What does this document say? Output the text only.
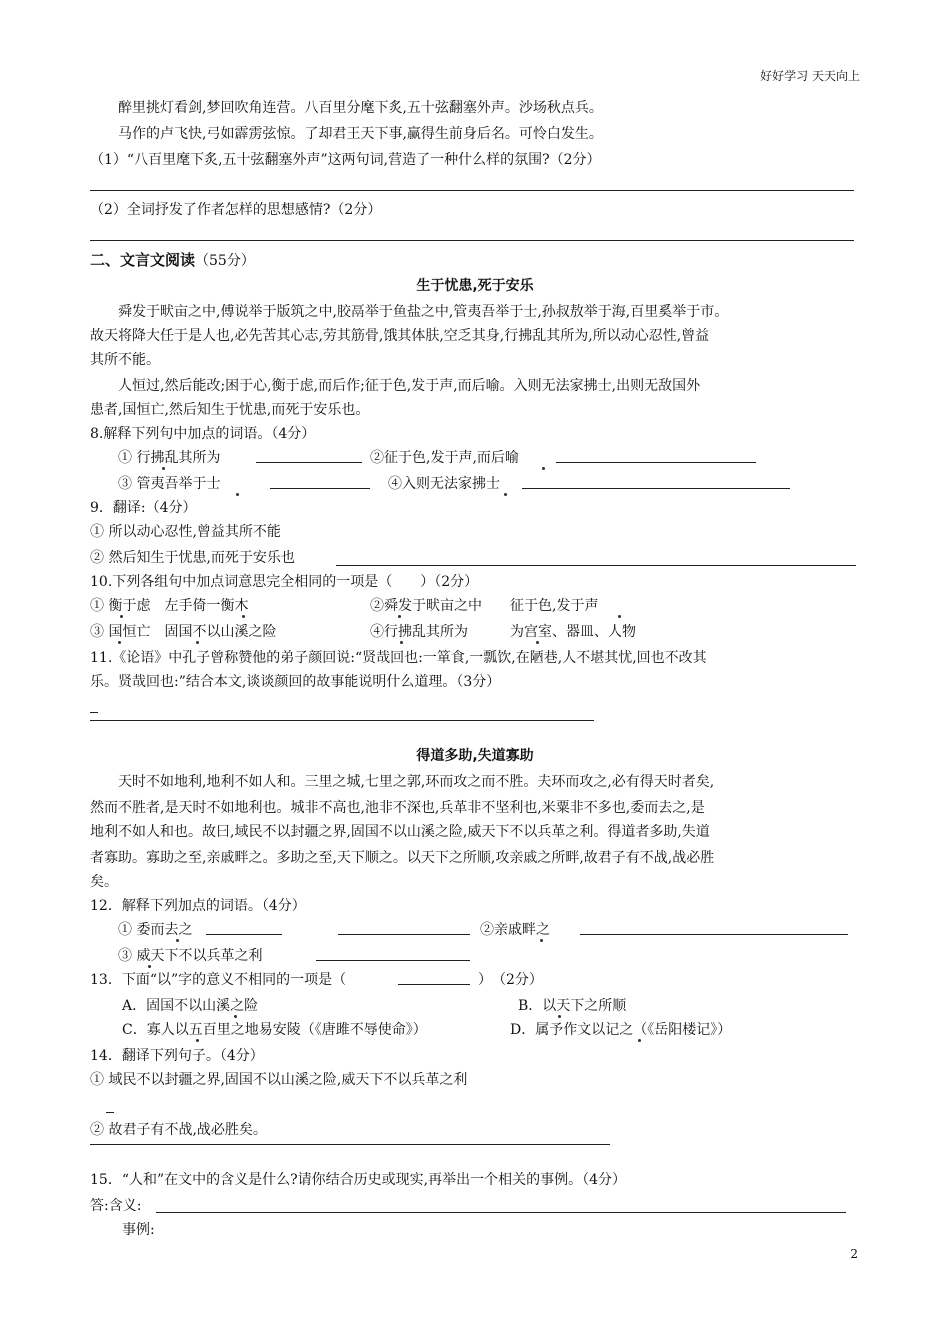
好好学习 天天向上
醉里挑灯看剑,梦回吹角连营。八百里分麾下炙,五十弦翻塞外声。沙场秋点兵。
马作的卢飞快,弓如霹雳弦惊。了却君王天下事,赢得生前身后名。可怜白发生。
（1）“八百里麾下炙,五十弦翻塞外声”这两句词,营造了一种什么样的氛围?（2分）
（2）全词抒发了作者怎样的思想感情?（2分）
二、文言文阅读（55分）
生于忧患,死于安乐
舜发于畎亩之中,傅说举于版筑之中,胶鬲举于鱼盐之中,管夷吾举于士,孙叔敖举于海,百里奚举于市。
故天将降大任于是人也,必先苦其心志,劳其筋骨,饿其体肤,空乏其身,行拂乱其所为,所以动心忍性,曾益
其所不能。
人恒过,然后能改;困于心,衡于虑,而后作;征于色,发于声,而后喻。入则无法家拂士,出则无敌国外
患者,国恒亡,然后知生于忧患,而死于安乐也。
8.解释下列句中加点的词语。（4分）
① 行拂乱其所为	②征于色,发于声,而后喻
③ 管夷吾举于士	④入则无法家拂士
9．翻译:（4分）
① 所以动心忍性,曾益其所不能
② 然后知生于忧患,而死于安乐也
10.下列各组句中加点词意思完全相同的一项是（　　）（2分）
① 衡于虑　左手倚一衡木	②舜发于畎亩之中　　征于色,发于声
③ 国恒亡　固国不以山溪之险	④行拂乱其所为　　　为宫室、器皿、人物
11.《论语》中孔子曾称赞他的弟子颜回说:“贤哉回也:一箪食,一瓢饮,在陋巷,人不堪其忧,回也不改其
乐。贤哉回也:”结合本文,谈谈颜回的故事能说明什么道理。（3分）
得道多助,失道寡助
天时不如地利,地利不如人和。三里之城,七里之郭,环而攻之而不胜。夫环而攻之,必有得天时者矣,
然而不胜者,是天时不如地利也。城非不高也,池非不深也,兵革非不坚利也,米粟非不多也,委而去之,是
地利不如人和也。故曰,域民不以封疆之界,固国不以山溪之险,威天下不以兵革之利。得道者多助,失道
者寡助。寡助之至,亲戚畔之。多助之至,天下顺之。以天下之所顺,攻亲戚之所畔,故君子有不战,战必胜
矣。
12．解释下列加点的词语。（4分）
① 委而去之	②亲戚畔之
③ 威天下不以兵革之利
13．下面“以”字的意义不相同的一项是（	）　（2分）
A．固国不以山溪之险	B．以天下之所顺
C．寡人以五百里之地易安陵（《唐雎不辱使命》）	D．属予作文以记之（《岳阳楼记》）
14．翻译下列句子。（4分）
① 域民不以封疆之界,固国不以山溪之险,威天下不以兵革之利
② 故君子有不战,战必胜矣。
15．“人和”在文中的含义是什么?请你结合历史或现实,再举出一个相关的事例。（4分）
答:含义:
事例:
2
